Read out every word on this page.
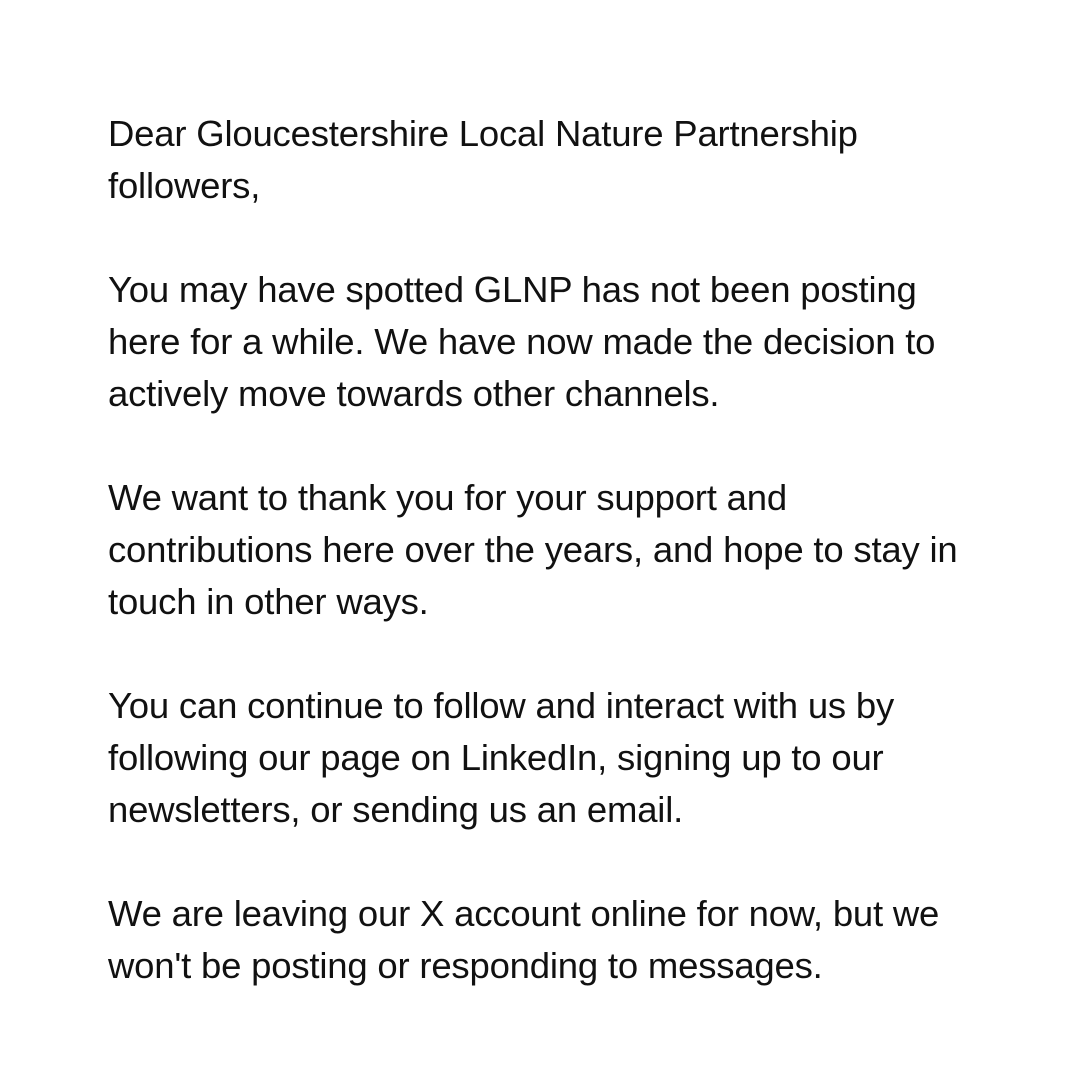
Dear Gloucestershire Local Nature Partnership
followers,

You may have spotted GLNP has not been posting
here for a while. We have now made the decision to
actively move towards other channels.

We want to thank you for your support and
contributions here over the years, and hope to stay in
touch in other ways.

You can continue to follow and interact with us by
following our page on LinkedIn, signing up to our
newsletters, or sending us an email.

We are leaving our X account online for now, but we
won't be posting or responding to messages.
